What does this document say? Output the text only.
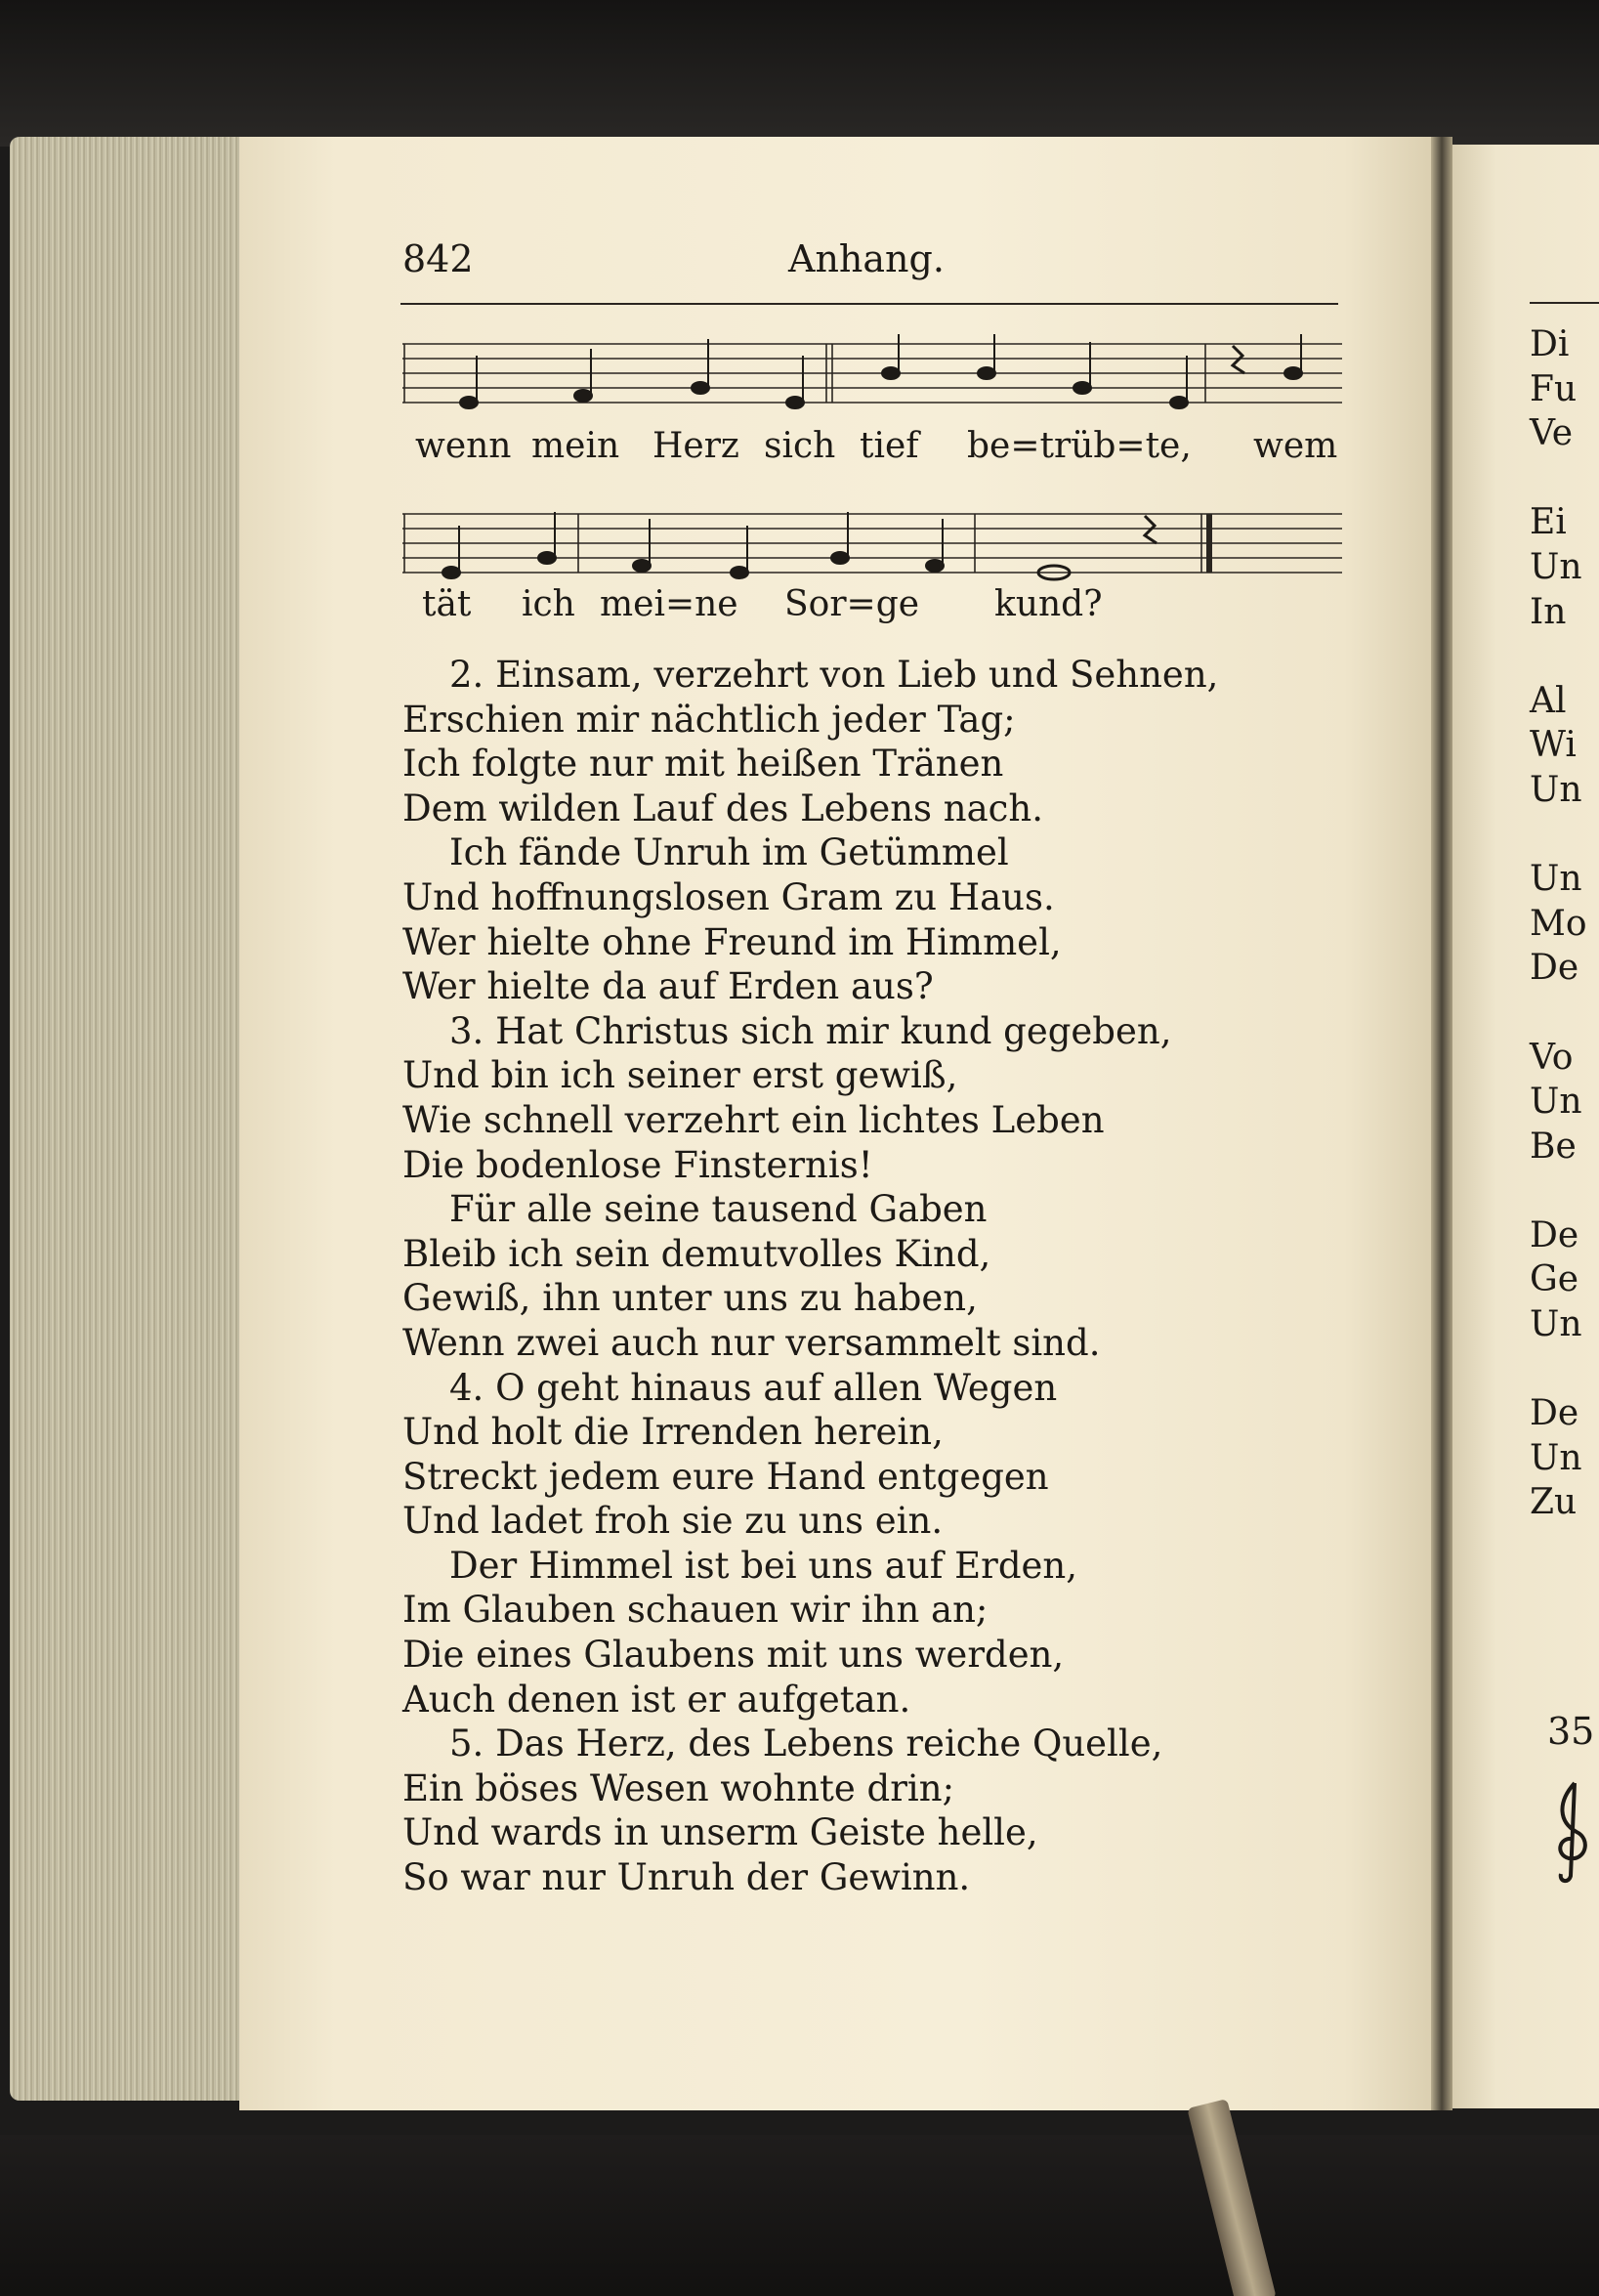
842	Anhang.
wenn mein Herz sich tief be=trüb=te, wem
tät ich mei=ne Sor=ge kund?
2. Einsam, verzehrt von Lieb und Sehnen,
Erschien mir nächtlich jeder Tag;
Ich folgte nur mit heißen Tränen
Dem wilden Lauf des Lebens nach.
Ich fände Unruh im Getümmel
Und hoffnungslosen Gram zu Haus.
Wer hielte ohne Freund im Himmel,
Wer hielte da auf Erden aus?
3. Hat Christus sich mir kund gegeben,
Und bin ich seiner erst gewiß,
Wie schnell verzehrt ein lichtes Leben
Die bodenlose Finsternis!
Für alle seine tausend Gaben
Bleib ich sein demutvolles Kind,
Gewiß, ihn unter uns zu haben,
Wenn zwei auch nur versammelt sind.
4. O geht hinaus auf allen Wegen
Und holt die Irrenden herein,
Streckt jedem eure Hand entgegen
Und ladet froh sie zu uns ein.
Der Himmel ist bei uns auf Erden,
Im Glauben schauen wir ihn an;
Die eines Glaubens mit uns werden,
Auch denen ist er aufgetan.
5. Das Herz, des Lebens reiche Quelle,
Ein böses Wesen wohnte drin;
Und wards in unserm Geiste helle,
So war nur Unruh der Gewinn.
Di
Fu
Ve
Ei
Un
In
Al
Wi
Un
Un
Mo
De
Vo
Un
Be
De
Ge
Un
De
Un
Zu
35
